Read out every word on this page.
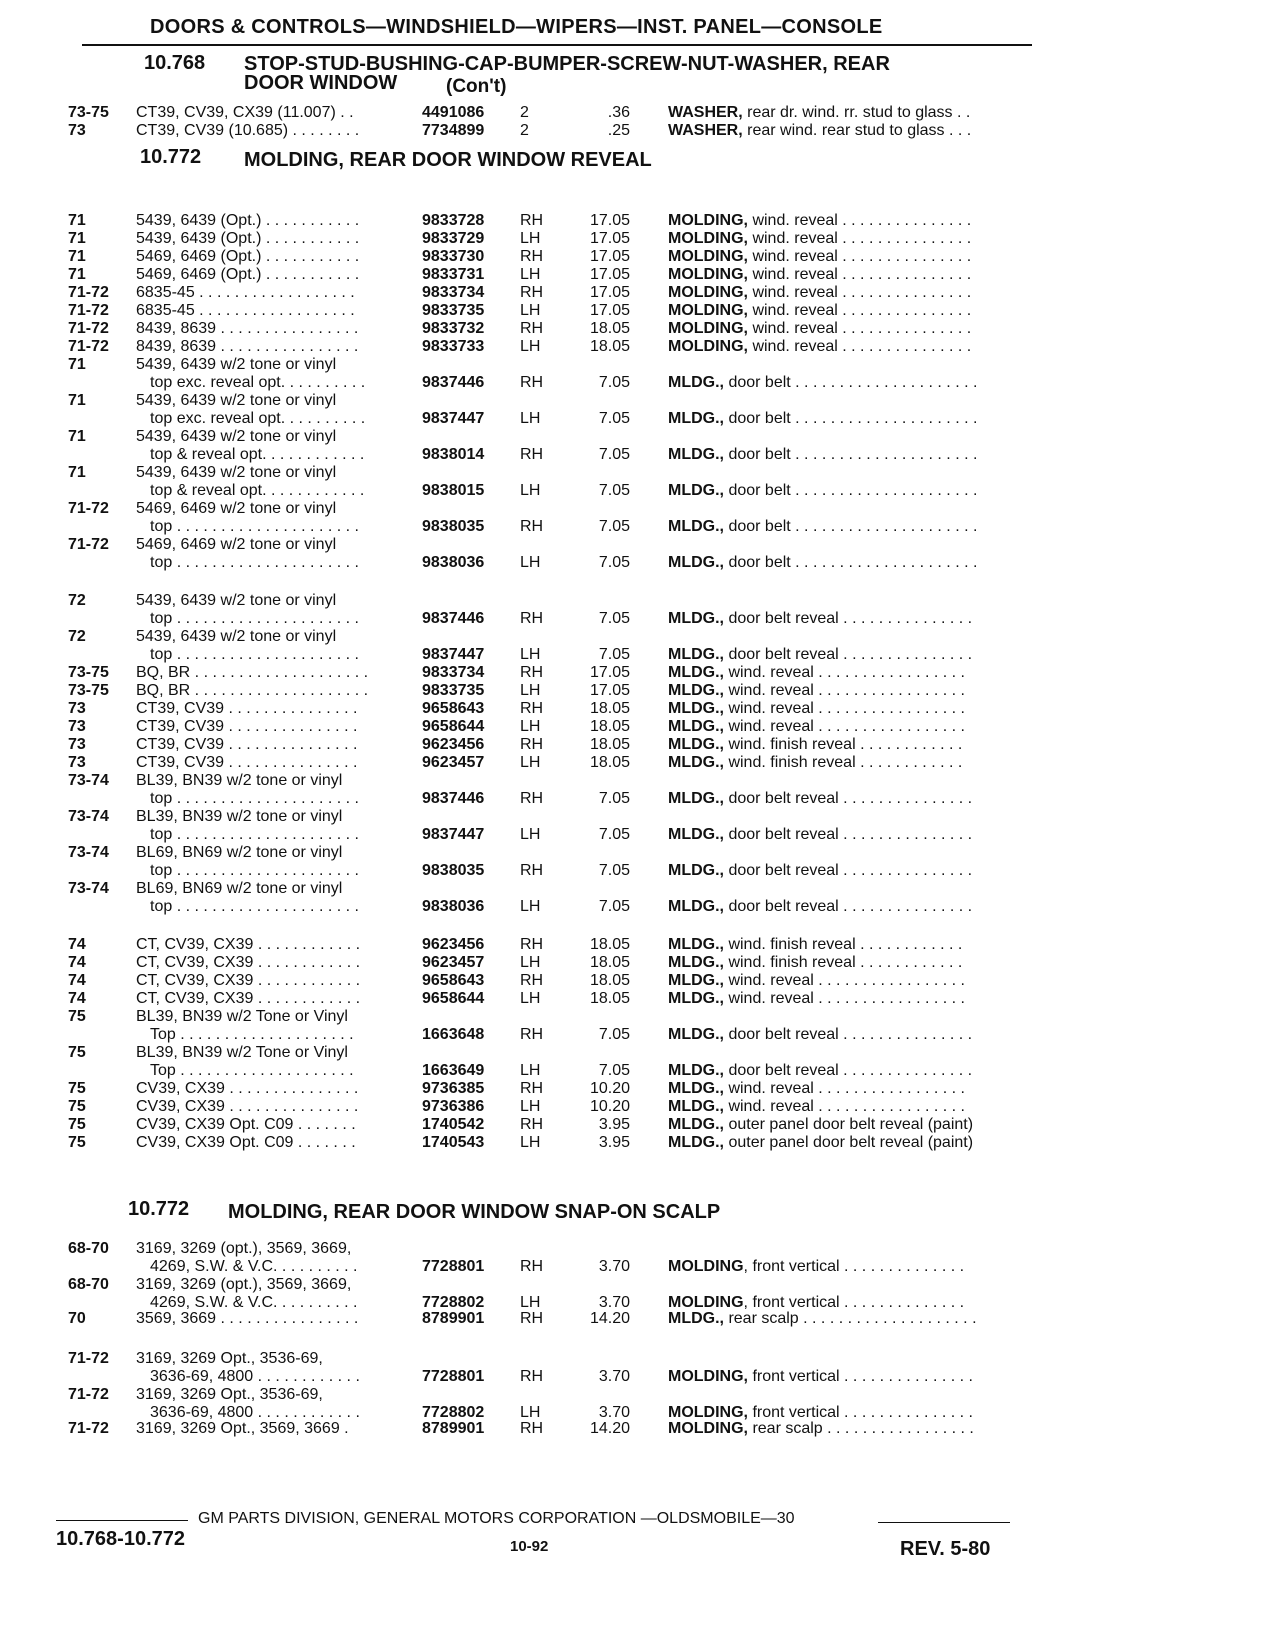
DOORS & CONTROLS—WINDSHIELD—WIPERS—INST. PANEL—CONSOLE
10.768 STOP-STUD-BUSHING-CAP-BUMPER-SCREW-NUT-WASHER, REAR
DOOR WINDOW	(Con't)
73-75	CT39, CV39, CX39 (11.007) . .	4491086 2	.36 WASHER, rear dr. wind. rr. stud to glass . .
73	CT39, CV39 (10.685) . . . . . . . .	7734899 2	.25 WASHER, rear wind. rear stud to glass . . .
10.772 MOLDING, REAR DOOR WINDOW REVEAL
71	5439, 6439 (Opt.) . . . . . . . . . . .	9833728 RH	17.05 MOLDING, wind. reveal . . . . . . . . . . . . . . .
71	5439, 6439 (Opt.) . . . . . . . . . . .	9833729 LH	17.05 MOLDING, wind. reveal . . . . . . . . . . . . . . .
71	5469, 6469 (Opt.) . . . . . . . . . . .	9833730 RH	17.05 MOLDING, wind. reveal . . . . . . . . . . . . . . .
71	5469, 6469 (Opt.) . . . . . . . . . . .	9833731 LH	17.05 MOLDING, wind. reveal . . . . . . . . . . . . . . .
71-72	6835-45 . . . . . . . . . . . . . . . . . .	9833734 RH	17.05 MOLDING, wind. reveal . . . . . . . . . . . . . . .
71-72	6835-45 . . . . . . . . . . . . . . . . . .	9833735 LH	17.05 MOLDING, wind. reveal . . . . . . . . . . . . . . .
71-72	8439, 8639 . . . . . . . . . . . . . . . .	9833732 RH	18.05 MOLDING, wind. reveal . . . . . . . . . . . . . . .
71-72	8439, 8639 . . . . . . . . . . . . . . . .	9833733 LH	18.05 MOLDING, wind. reveal . . . . . . . . . . . . . . .
71	5439, 6439 w/2 tone or vinyl
top exc. reveal opt. . . . . . . . . .	9837446 RH	7.05 MLDG., door belt . . . . . . . . . . . . . . . . . . . . .
71	5439, 6439 w/2 tone or vinyl
top exc. reveal opt. . . . . . . . . .	9837447 LH	7.05 MLDG., door belt . . . . . . . . . . . . . . . . . . . . .
71	5439, 6439 w/2 tone or vinyl
top & reveal opt. . . . . . . . . . . .	9838014 RH	7.05 MLDG., door belt . . . . . . . . . . . . . . . . . . . . .
71	5439, 6439 w/2 tone or vinyl
top & reveal opt. . . . . . . . . . . .	9838015 LH	7.05 MLDG., door belt . . . . . . . . . . . . . . . . . . . . .
71-72	5469, 6469 w/2 tone or vinyl
top . . . . . . . . . . . . . . . . . . . . .	9838035 RH	7.05 MLDG., door belt . . . . . . . . . . . . . . . . . . . . .
71-72	5469, 6469 w/2 tone or vinyl
top . . . . . . . . . . . . . . . . . . . . .	9838036 LH	7.05 MLDG., door belt . . . . . . . . . . . . . . . . . . . . .
72	5439, 6439 w/2 tone or vinyl
top . . . . . . . . . . . . . . . . . . . . .	9837446 RH	7.05 MLDG., door belt reveal . . . . . . . . . . . . . . .
72	5439, 6439 w/2 tone or vinyl
top . . . . . . . . . . . . . . . . . . . . .	9837447 LH	7.05 MLDG., door belt reveal . . . . . . . . . . . . . . .
73-75	BQ, BR . . . . . . . . . . . . . . . . . . . .	9833734 RH	17.05 MLDG., wind. reveal . . . . . . . . . . . . . . . . .
73-75	BQ, BR . . . . . . . . . . . . . . . . . . . .	9833735 LH	17.05 MLDG., wind. reveal . . . . . . . . . . . . . . . . .
73	CT39, CV39 . . . . . . . . . . . . . . .	9658643 RH	18.05 MLDG., wind. reveal . . . . . . . . . . . . . . . . .
73	CT39, CV39 . . . . . . . . . . . . . . .	9658644 LH	18.05 MLDG., wind. reveal . . . . . . . . . . . . . . . . .
73	CT39, CV39 . . . . . . . . . . . . . . .	9623456 RH	18.05 MLDG., wind. finish reveal . . . . . . . . . . . .
73	CT39, CV39 . . . . . . . . . . . . . . .	9623457 LH	18.05 MLDG., wind. finish reveal . . . . . . . . . . . .
73-74	BL39, BN39 w/2 tone or vinyl
top . . . . . . . . . . . . . . . . . . . . .	9837446 RH	7.05 MLDG., door belt reveal . . . . . . . . . . . . . . .
73-74	BL39, BN39 w/2 tone or vinyl
top . . . . . . . . . . . . . . . . . . . . .	9837447 LH	7.05 MLDG., door belt reveal . . . . . . . . . . . . . . .
73-74	BL69, BN69 w/2 tone or vinyl
top . . . . . . . . . . . . . . . . . . . . .	9838035 RH	7.05 MLDG., door belt reveal . . . . . . . . . . . . . . .
73-74	BL69, BN69 w/2 tone or vinyl
top . . . . . . . . . . . . . . . . . . . . .	9838036 LH	7.05 MLDG., door belt reveal . . . . . . . . . . . . . . .
74	CT, CV39, CX39 . . . . . . . . . . . .	9623456 RH	18.05 MLDG., wind. finish reveal . . . . . . . . . . . .
74	CT, CV39, CX39 . . . . . . . . . . . .	9623457 LH	18.05 MLDG., wind. finish reveal . . . . . . . . . . . .
74	CT, CV39, CX39 . . . . . . . . . . . .	9658643 RH	18.05 MLDG., wind. reveal . . . . . . . . . . . . . . . . .
74	CT, CV39, CX39 . . . . . . . . . . . .	9658644 LH	18.05 MLDG., wind. reveal . . . . . . . . . . . . . . . . .
75	BL39, BN39 w/2 Tone or Vinyl
Top . . . . . . . . . . . . . . . . . . . .	1663648 RH	7.05 MLDG., door belt reveal . . . . . . . . . . . . . . .
75	BL39, BN39 w/2 Tone or Vinyl
Top . . . . . . . . . . . . . . . . . . . .	1663649 LH	7.05 MLDG., door belt reveal . . . . . . . . . . . . . . .
75	CV39, CX39 . . . . . . . . . . . . . . .	9736385 RH	10.20 MLDG., wind. reveal . . . . . . . . . . . . . . . . .
75	CV39, CX39 . . . . . . . . . . . . . . .	9736386 LH	10.20 MLDG., wind. reveal . . . . . . . . . . . . . . . . .
75	CV39, CX39 Opt. C09 . . . . . . .	1740542 RH	3.95 MLDG., outer panel door belt reveal (paint)
75	CV39, CX39 Opt. C09 . . . . . . .	1740543 LH	3.95 MLDG., outer panel door belt reveal (paint)
10.772 MOLDING, REAR DOOR WINDOW SNAP-ON SCALP
68-70	3169, 3269 (opt.), 3569, 3669,
4269, S.W. & V.C. . . . . . . . . .	7728801 RH	3.70 MOLDING, front vertical . . . . . . . . . . . . . .
68-70	3169, 3269 (opt.), 3569, 3669,
4269, S.W. & V.C. . . . . . . . . .	7728802 LH	3.70 MOLDING, front vertical . . . . . . . . . . . . . .
70	3569, 3669 . . . . . . . . . . . . . . . .	8789901 RH	14.20 MLDG., rear scalp . . . . . . . . . . . . . . . . . . . .
71-72	3169, 3269 Opt., 3536-69,
3636-69, 4800 . . . . . . . . . . . .	7728801 RH	3.70 MOLDING, front vertical . . . . . . . . . . . . . . .
71-72	3169, 3269 Opt., 3536-69,
3636-69, 4800 . . . . . . . . . . . .	7728802 LH	3.70 MOLDING, front vertical . . . . . . . . . . . . . . .
71-72	3169, 3269 Opt., 3569, 3669 .	8789901 RH	14.20 MOLDING, rear scalp . . . . . . . . . . . . . . . . .
GM PARTS DIVISION, GENERAL MOTORS CORPORATION —OLDSMOBILE—30
10.768-10.772	10-92	REV. 5-80
